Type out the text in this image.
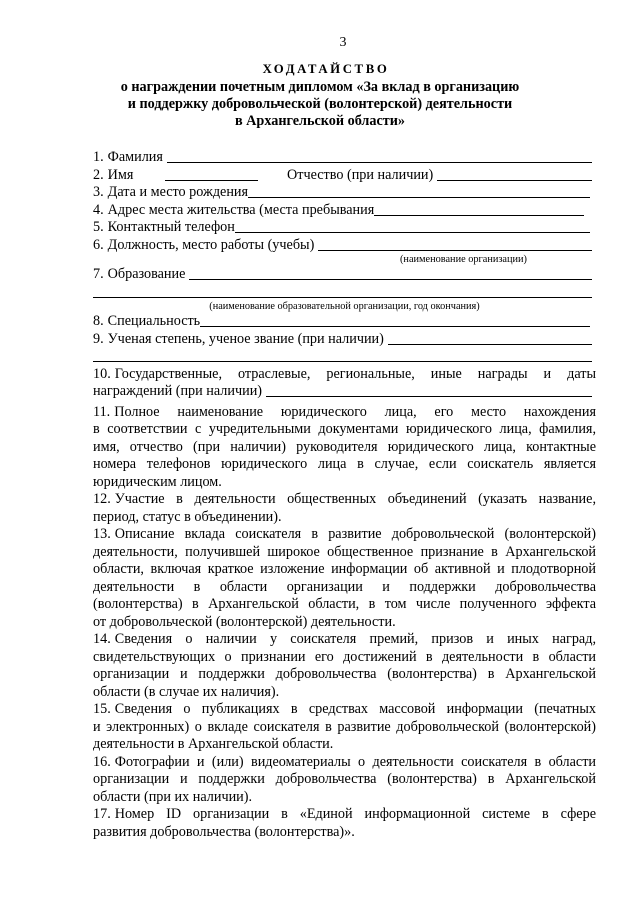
3
ХОДАТАЙСТВО
о награждении почетным дипломом «За вклад в организацию
и поддержку добровольческой (волонтерской) деятельности
в Архангельской области»
1. Фамилия
2. Имя	Отчество (при наличии)
3. Дата и место рождения
4. Адрес места жительства (места пребывания
5. Контактный телефон
6. Должность, место работы (учебы)
(наименование организации)
7. Образование
(наименование образовательной организации, год окончания)
8. Специальность
9. Ученая степень, ученое звание (при наличии)
10. Государственные, отраслевые, региональные, иные награды и даты
награждений (при наличии)
11. Полное наименование юридического лица, его место нахождения
в соответствии с учредительными документами юридического лица, фамилия,
имя, отчество (при наличии) руководителя юридического лица, контактные
номера телефонов юридического лица в случае, если соискатель является
юридическим лицом.
12. Участие в деятельности общественных объединений (указать название,
период, статус в объединении).
13. Описание вклада соискателя в развитие добровольческой (волонтерской)
деятельности, получившей широкое общественное признание в Архангельской
области, включая краткое изложение информации об активной и плодотворной
деятельности в области организации и поддержки добровольчества
(волонтерства) в Архангельской области, в том числе полученного эффекта
от добровольческой (волонтерской) деятельности.
14. Сведения о наличии у соискателя премий, призов и иных наград,
свидетельствующих о признании его достижений в деятельности в области
организации и поддержки добровольчества (волонтерства) в Архангельской
области (в случае их наличия).
15. Сведения о публикациях в средствах массовой информации (печатных
и электронных) о вкладе соискателя в развитие добровольческой (волонтерской)
деятельности в Архангельской области.
16. Фотографии и (или) видеоматериалы о деятельности соискателя в области
организации и поддержки добровольчества (волонтерства) в Архангельской
области (при их наличии).
17. Номер ID организации в «Единой информационной системе в сфере
развития добровольчества (волонтерства)».
